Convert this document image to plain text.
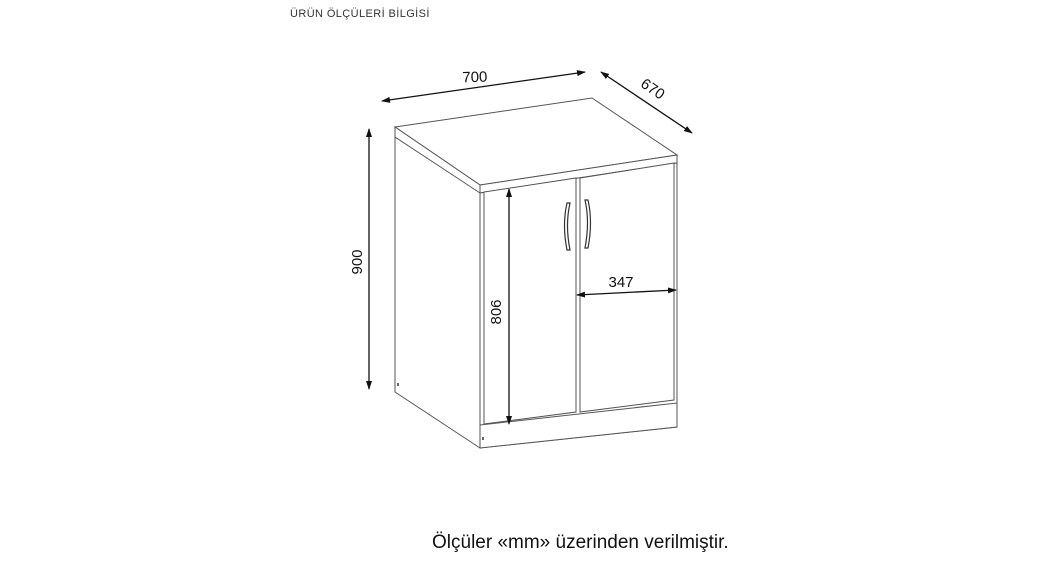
ÜRÜN ÖLÇÜLERİ BİLGİSİ
700	670
900
806
347
Ölçüler «mm» üzerinden verilmiştir.
